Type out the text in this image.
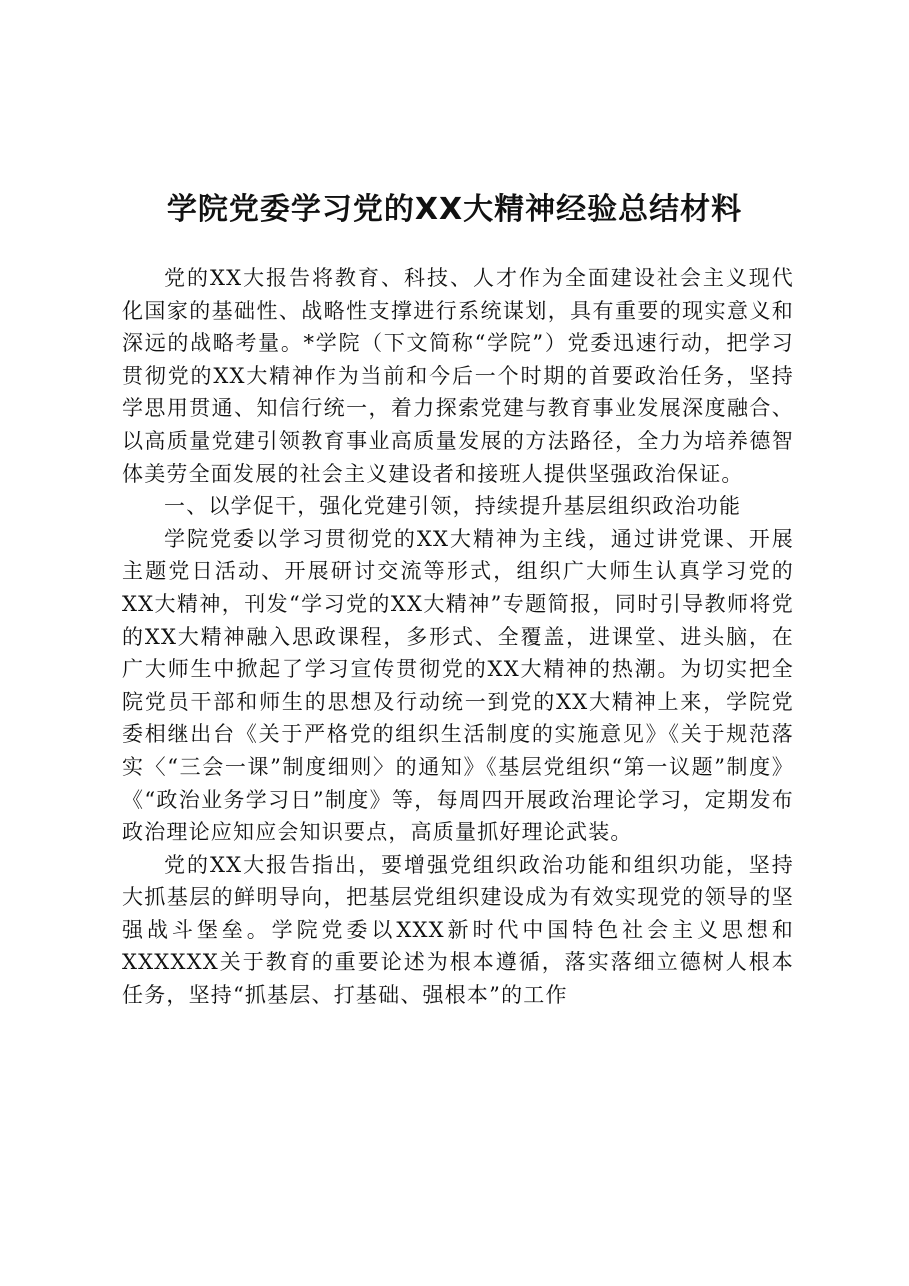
学院党委学习党的XX大精神经验总结材料

党的XX大报告将教育、科技、人才作为全面建设社会主义现代化国家的基础性、战略性支撑进行系统谋划，具有重要的现实意义和深远的战略考量。*学院（下文简称“学院”）党委迅速行动，把学习贯彻党的XX大精神作为当前和今后一个时期的首要政治任务，坚持学思用贯通、知信行统一，着力探索党建与教育事业发展深度融合、以高质量党建引领教育事业高质量发展的方法路径，全力为培养德智体美劳全面发展的社会主义建设者和接班人提供坚强政治保证。

一、以学促干，强化党建引领，持续提升基层组织政治功能

学院党委以学习贯彻党的XX大精神为主线，通过讲党课、开展主题党日活动、开展研讨交流等形式，组织广大师生认真学习党的XX大精神，刊发“学习党的XX大精神”专题简报，同时引导教师将党的XX大精神融入思政课程，多形式、全覆盖，进课堂、进头脑，在广大师生中掀起了学习宣传贯彻党的XX大精神的热潮。为切实把全院党员干部和师生的思想及行动统一到党的XX大精神上来，学院党委相继出台《关于严格党的组织生活制度的实施意见》《关于规范落实〈“三会一课”制度细则〉的通知》《基层党组织“第一议题”制度》《“政治业务学习日”制度》等，每周四开展政治理论学习，定期发布政治理论应知应会知识要点，高质量抓好理论武装。

党的XX大报告指出，要增强党组织政治功能和组织功能，坚持大抓基层的鲜明导向，把基层党组织建设成为有效实现党的领导的坚强战斗堡垒。学院党委以XXX新时代中国特色社会主义思想和XXXXXX关于教育的重要论述为根本遵循，落实落细立德树人根本任务，坚持“抓基层、打基础、强根本”的工作
